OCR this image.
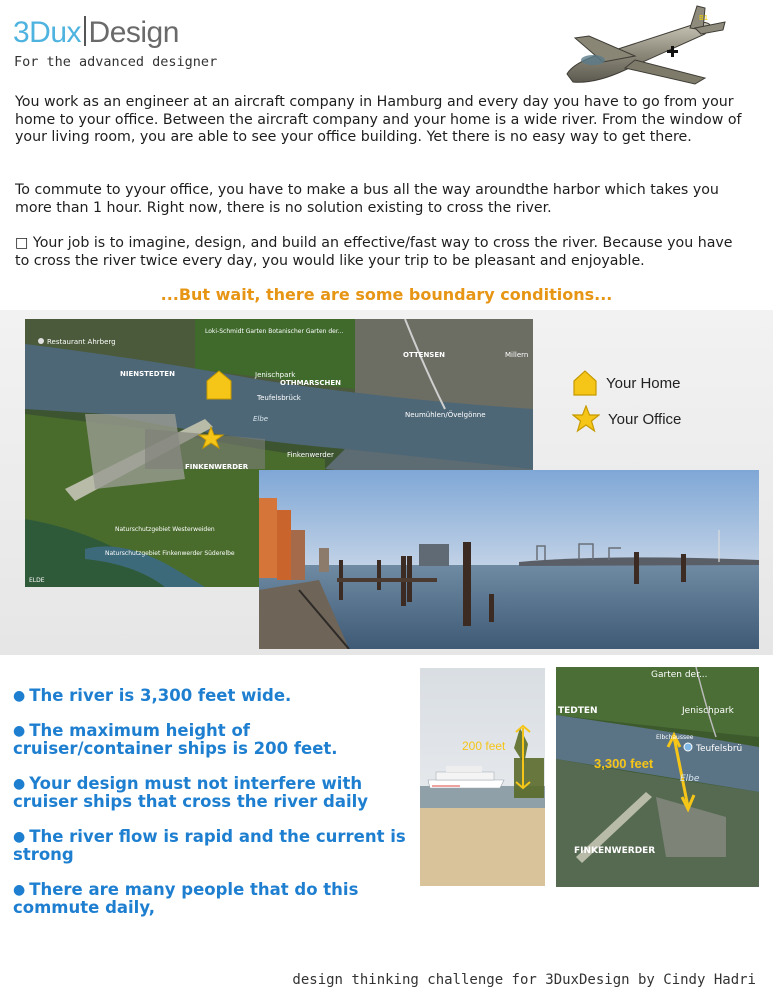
3Dux Design
For the advanced designer
B1

You work as an engineer at an aircraft company in Hamburg and every day you have to go from your home to your office. Between the aircraft company and your home is a wide river. From the window of your living room, you are able to see your office building. Yet there is no easy way to get there.

To commute to yyour office, you have to make a bus all the way aroundthe harbor which takes you more than 1 hour. Right now, there is no solution existing to cross the river.

□ Your job is to imagine, design, and build an effective/fast way to cross the river. Because you have to cross the river twice every day, you would like your trip to be pleasant and enjoyable.

...But wait, there are some boundary conditions...
Restaurant Ahrberg
NIENSTEDTEN
OTHMARSCHEN
OTTENSEN	Millern
Jenischpark
Teufelsbrück
Loki-Schmidt Garten Botanischer Garten der...
Elbe	Neumühlen/Övelgönne
Finkenwerder
FINKENWERDER
Naturschutzgebiet Westerweiden
Naturschutzgebiet Finkenwerder Süderelbe
ELDE
Your Home
Your Office
● The river is 3,300 feet wide.
● The maximum height of cruiser/container ships is 200 feet.
● Your design must not interfere with cruiser ships that cross the river daily
● The river flow is rapid and the current is strong
● There are many people that do this commute daily,
200 feet
Garten der...
TEDTEN	Jenischpark
Teufelsbrü
Elbe
Elbchaussee
FINKENWERDER
3,300 feet
design thinking challenge for 3DuxDesign by Cindy Hadri
